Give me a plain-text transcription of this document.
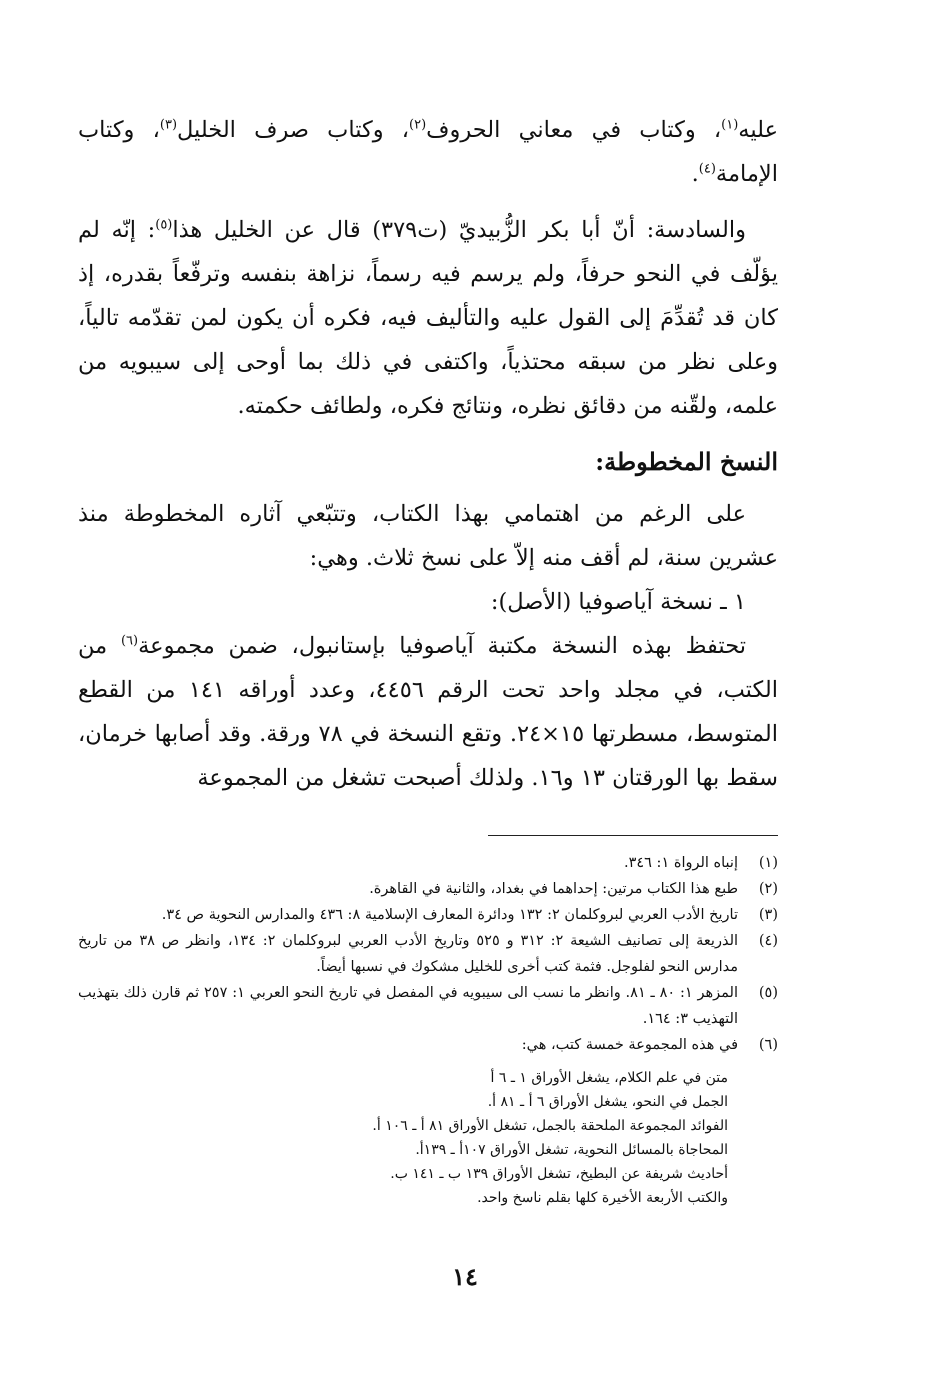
عليه$^{(١)}$، وكتاب في معاني الحروف$^{(٢)}$، وكتاب صرف الخليل$^{(٣)}$، وكتاب الإمامة$^{(٤)}$.

والسادسة: أنّ أبا بكر الزُّبيديّ (ت٣٧٩) قال عن الخليل هذا$^{(٥)}$: إنّه لم يؤلّف في النحو حرفاً، ولم يرسم فيه رسماً، نزاهة بنفسه وترفّعاً بقدره، إذ كان قد تُقدِّمَ إلى القول عليه والتأليف فيه، فكره أن يكون لمن تقدّمه تالياً، وعلى نظر من سبقه محتذياً، واكتفى في ذلك بما أوحى إلى سيبويه من علمه، ولقّنه من دقائق نظره، ونتائج فكره، ولطائف حكمته.

النسخ المخطوطة:

على الرغم من اهتمامي بهذا الكتاب، وتتبّعي آثاره المخطوطة منذ عشرين سنة، لم أقف منه إلاّ على نسخ ثلاث. وهي:

١ ـ نسخة آياصوفيا (الأصل):

تحتفظ بهذه النسخة مكتبة آياصوفيا بإستانبول، ضمن مجموعة$^{(٦)}$ من الكتب، في مجلد واحد تحت الرقم ٤٤٥٦، وعدد أوراقه ١٤١ من القطع المتوسط، مسطرتها ١٥×٢٤. وتقع النسخة في ٧٨ ورقة. وقد أصابها خرمان، سقط بها الورقتان ١٣ و١٦. ولذلك أصبحت تشغل من المجموعة

(١)
إنباه الرواة ١: ٣٤٦.
(٢)
طبع هذا الكتاب مرتين: إحداهما في بغداد، والثانية في القاهرة.
(٣)
تاريخ الأدب العربي لبروكلمان ٢: ١٣٢ ودائرة المعارف الإسلامية ٨: ٤٣٦ والمدارس النحوية ص ٣٤.
(٤)
الذريعة إلى تصانيف الشيعة ٢: ٣١٢ و ٥٢٥ وتاريخ الأدب العربي لبروكلمان ٢: ١٣٤، وانظر ص ٣٨ من تاريخ مدارس النحو لفلوجل. فثمة كتب أخرى للخليل مشكوك في نسبها أيضاً.
(٥)
المزهر ١: ٨٠ ـ ٨١. وانظر ما نسب الى سيبويه في المفصل في تاريخ النحو العربي ١: ٢٥٧ ثم قارن ذلك بتهذيب التهذيب ٣: ١٦٤.
(٦)
في هذه المجموعة خمسة كتب، هي:
متن في علم الكلام، يشغل الأوراق ١ ـ ٦ أ
الجمل في النحو، يشغل الأوراق ٦ أ ـ ٨١ أ.
الفوائد المجموعة الملحقة بالجمل، تشغل الأوراق ٨١ أ ـ ١٠٦ أ.
المحاجاة بالمسائل النحوية، تشغل الأوراق ١٠٧أ ـ ١٣٩أ.
أحاديث شريفة عن البطيخ، تشغل الأوراق ١٣٩ ب ـ ١٤١ ب.
والكتب الأربعة الأخيرة كلها بقلم ناسخ واحد.
١٤
